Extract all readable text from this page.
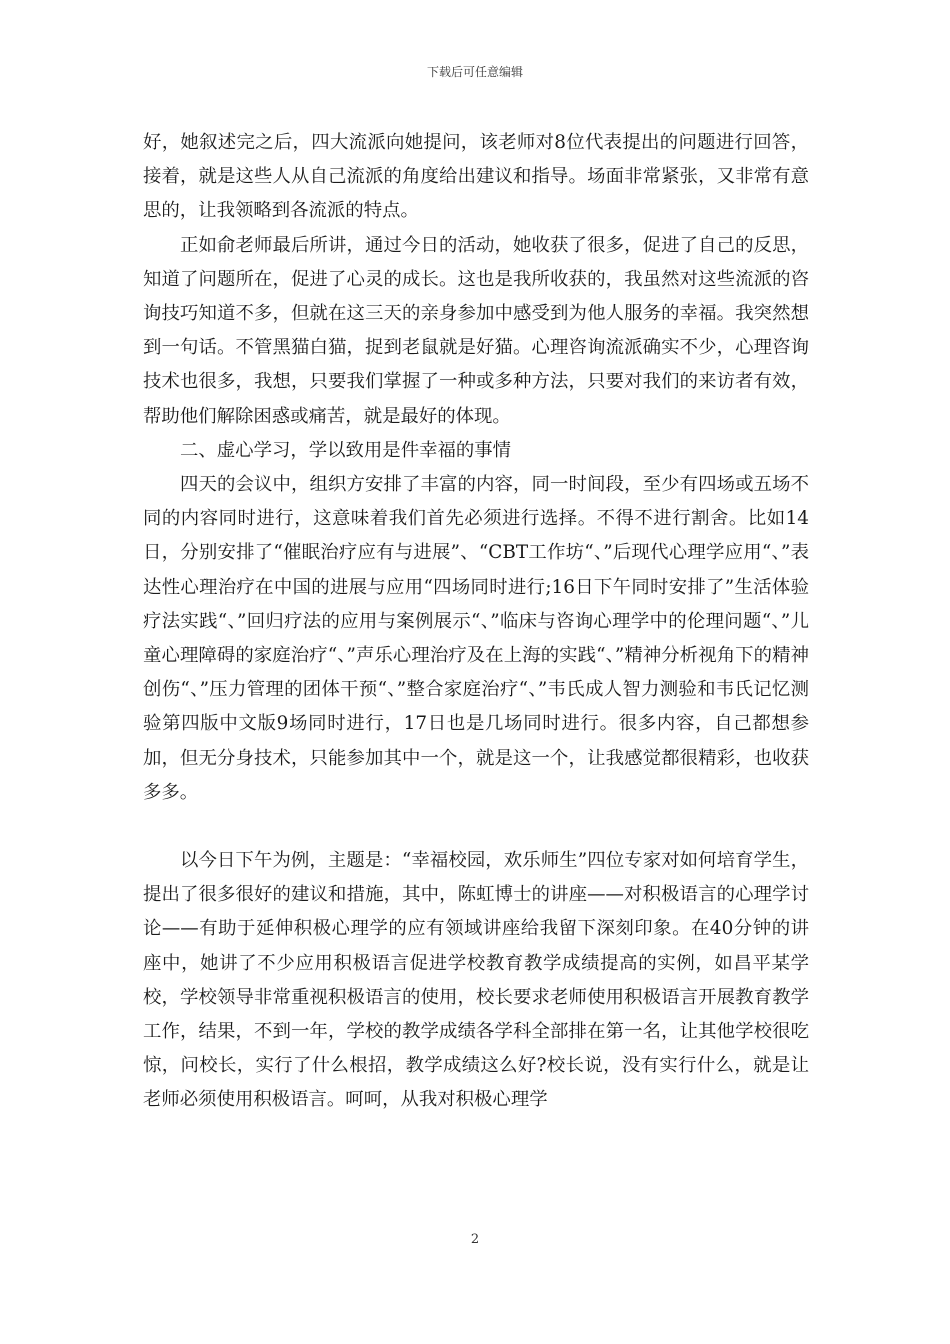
下载后可任意编辑

好，她叙述完之后，四大流派向她提问，该老师对8位代表提出的问题进行回答，接着，就是这些人从自己流派的角度给出建议和指导。场面非常紧张，又非常有意思的，让我领略到各流派的特点。

正如俞老师最后所讲，通过今日的活动，她收获了很多，促进了自己的反思，知道了问题所在，促进了心灵的成长。这也是我所收获的，我虽然对这些流派的咨询技巧知道不多，但就在这三天的亲身参加中感受到为他人服务的幸福。我突然想到一句话。不管黑猫白猫，捉到老鼠就是好猫。心理咨询流派确实不少，心理咨询技术也很多，我想，只要我们掌握了一种或多种方法，只要对我们的来访者有效，帮助他们解除困惑或痛苦，就是最好的体现。

二、虚心学习，学以致用是件幸福的事情

四天的会议中，组织方安排了丰富的内容，同一时间段，至少有四场或五场不同的内容同时进行，这意味着我们首先必须进行选择。不得不进行割舍。比如14日，分别安排了“催眠治疗应有与进展”、“CBT工作坊“、”后现代心理学应用“、”表达性心理治疗在中国的进展与应用“四场同时进行;16日下午同时安排了”生活体验疗法实践“、”回归疗法的应用与案例展示“、”临床与咨询心理学中的伦理问题“、”儿童心理障碍的家庭治疗“、”声乐心理治疗及在上海的实践“、”精神分析视角下的精神创伤“、”压力管理的团体干预“、”整合家庭治疗“、”韦氏成人智力测验和韦氏记忆测验第四版中文版9场同时进行，17日也是几场同时进行。很多内容，自己都想参加，但无分身技术，只能参加其中一个，就是这一个，让我感觉都很精彩，也收获多多。

以今日下午为例，主题是：“幸福校园，欢乐师生”四位专家对如何培育学生，提出了很多很好的建议和措施，其中，陈虹博士的讲座——对积极语言的心理学讨论——有助于延伸积极心理学的应有领域讲座给我留下深刻印象。在40分钟的讲座中，她讲了不少应用积极语言促进学校教育教学成绩提高的实例，如昌平某学校，学校领导非常重视积极语言的使用，校长要求老师使用积极语言开展教育教学工作，结果，不到一年，学校的教学成绩各学科全部排在第一名，让其他学校很吃惊，问校长，实行了什么根招，教学成绩这么好?校长说，没有实行什么，就是让老师必须使用积极语言。呵呵，从我对积极心理学

2
